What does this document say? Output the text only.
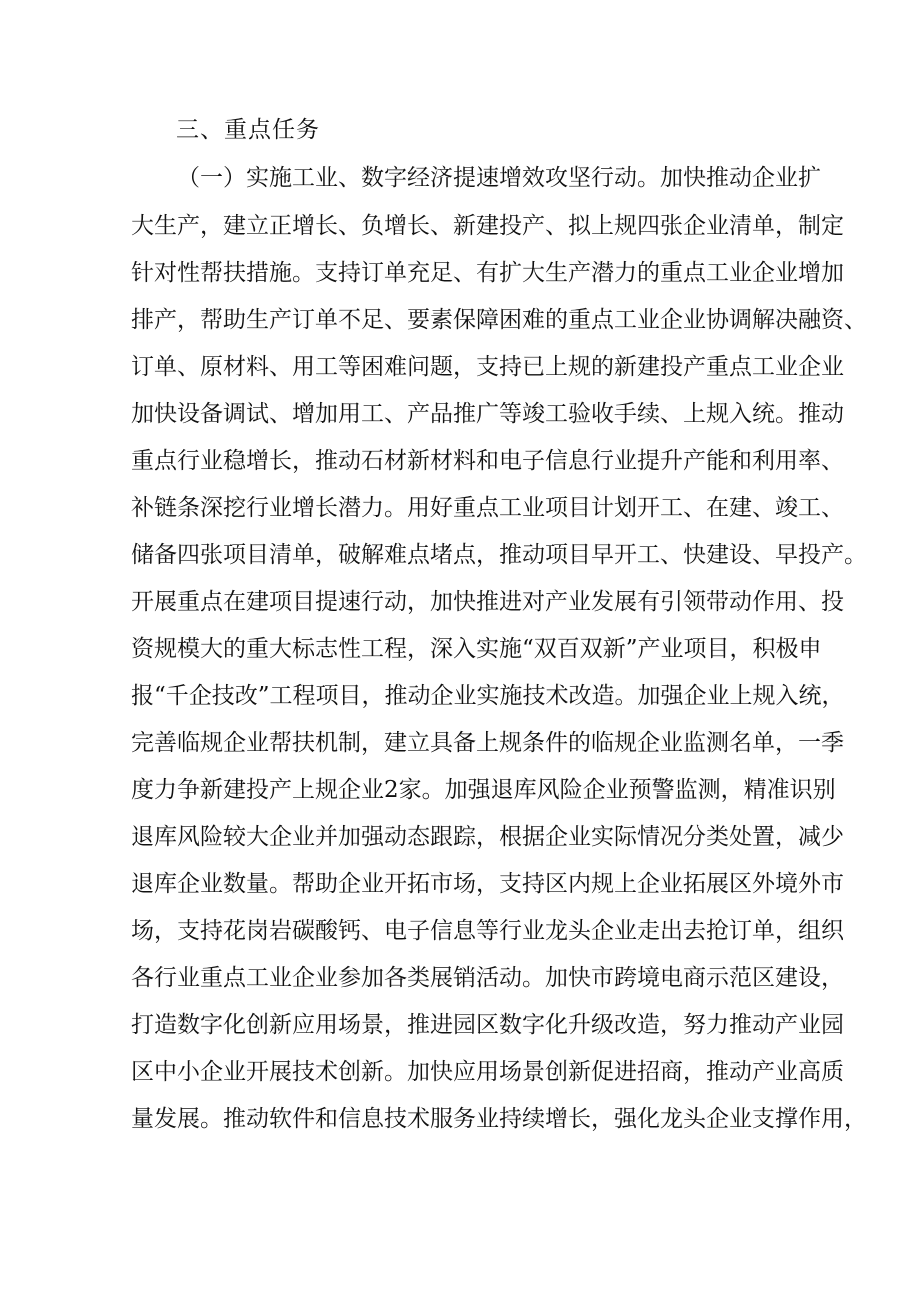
三、重点任务
（一）实施工业、数字经济提速增效攻坚行动。加快推动企业扩
大生产，建立正增长、负增长、新建投产、拟上规四张企业清单，制定
针对性帮扶措施。支持订单充足、有扩大生产潜力的重点工业企业增加
排产，帮助生产订单不足、要素保障困难的重点工业企业协调解决融资、
订单、原材料、用工等困难问题，支持已上规的新建投产重点工业企业
加快设备调试、增加用工、产品推广等竣工验收手续、上规入统。推动
重点行业稳增长，推动石材新材料和电子信息行业提升产能和利用率、
补链条深挖行业增长潜力。用好重点工业项目计划开工、在建、竣工、
储备四张项目清单，破解难点堵点，推动项目早开工、快建设、早投产。
开展重点在建项目提速行动，加快推进对产业发展有引领带动作用、投
资规模大的重大标志性工程，深入实施“双百双新”产业项目，积极申
报“千企技改”工程项目，推动企业实施技术改造。加强企业上规入统，
完善临规企业帮扶机制，建立具备上规条件的临规企业监测名单，一季
度力争新建投产上规企业2家。加强退库风险企业预警监测，精准识别
退库风险较大企业并加强动态跟踪，根据企业实际情况分类处置，减少
退库企业数量。帮助企业开拓市场，支持区内规上企业拓展区外境外市
场，支持花岗岩碳酸钙、电子信息等行业龙头企业走出去抢订单，组织
各行业重点工业企业参加各类展销活动。加快市跨境电商示范区建设，
打造数字化创新应用场景，推进园区数字化升级改造，努力推动产业园
区中小企业开展技术创新。加快应用场景创新促进招商，推动产业高质
量发展。推动软件和信息技术服务业持续增长，强化龙头企业支撑作用，
